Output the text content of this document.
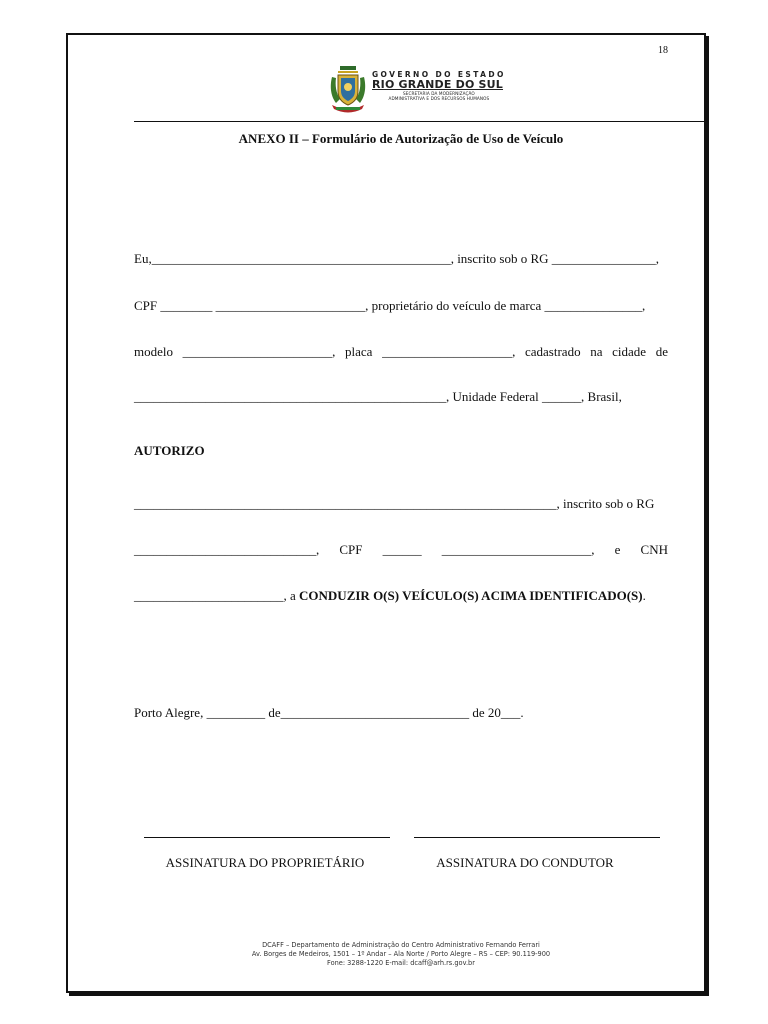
18
GOVERNO DO ESTADO
RIO GRANDE DO SUL
SECRETARIA DA MODERNIZAÇÃO
ADMINISTRATIVA E DOS RECURSOS HUMANOS
ANEXO II – Formulário de Autorização de Uso de Veículo
Eu,______________________________________________, inscrito sob o RG ________________,
CPF ________ _______________________, proprietário do veículo de marca _______________,
modelo _______________________, placa ____________________, cadastrado na cidade de
________________________________________________, Unidade Federal ______, Brasil,
AUTORIZO
_________________________________________________________________, inscrito sob o RG
____________________________, CPF ______ _______________________, e CNH
_______________________, a CONDUZIR O(S) VEÍCULO(S) ACIMA IDENTIFICADO(S).
Porto Alegre, _________ de_____________________________ de 20___.
ASSINATURA DO PROPRIETÁRIO	ASSINATURA DO CONDUTOR
DCAFF – Departamento de Administração do Centro Administrativo Fernando Ferrari
Av. Borges de Medeiros, 1501 – 1º Andar – Ala Norte / Porto Alegre – RS – CEP: 90.119-900
Fone: 3288-1220 E-mail: dcaff@arh.rs.gov.br
